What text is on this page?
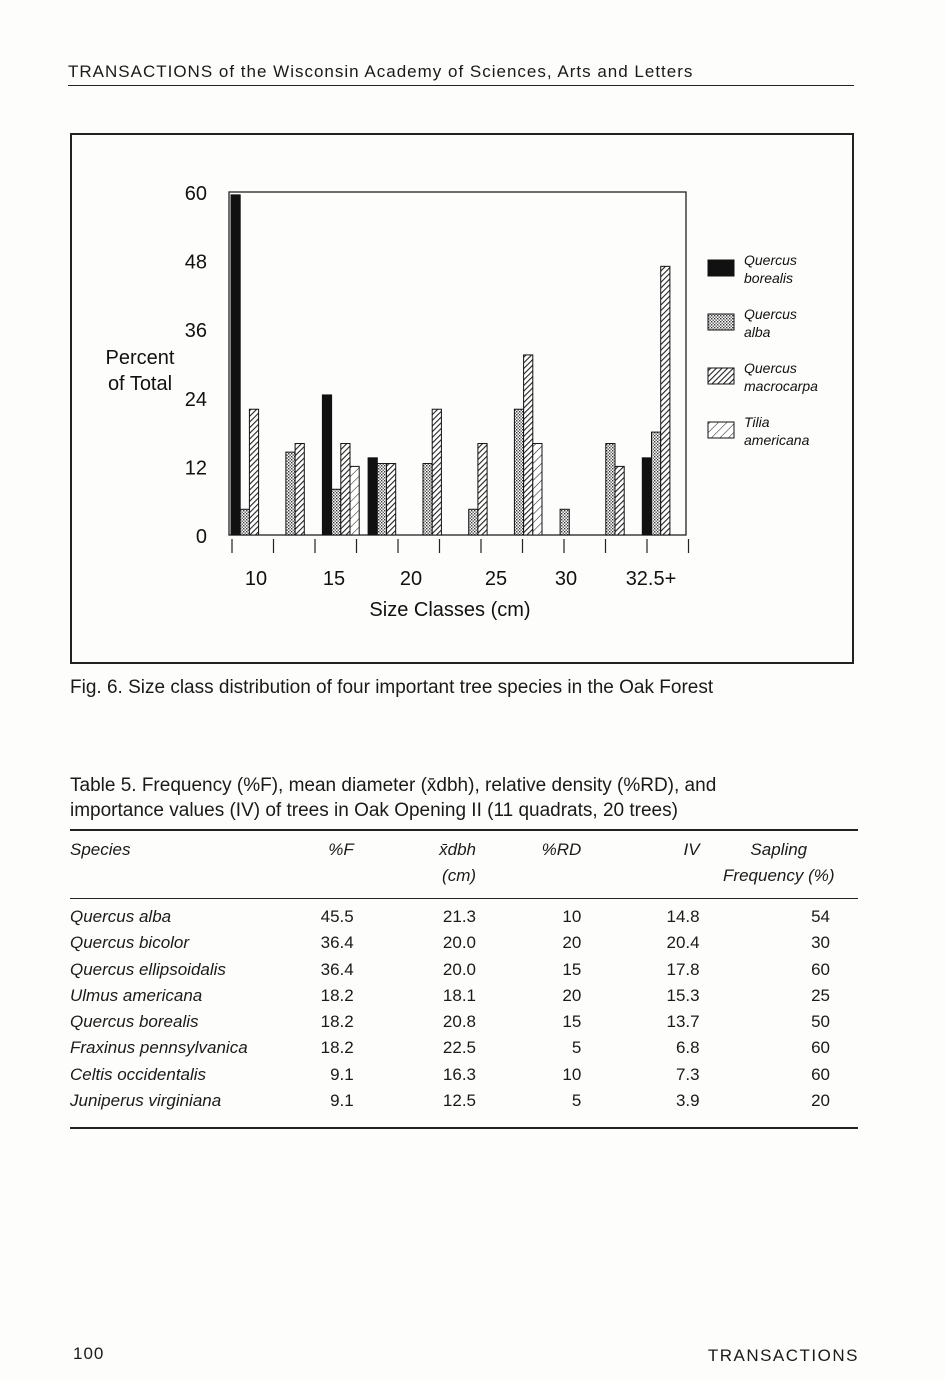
TRANSACTIONS of the Wisconsin Academy of Sciences, Arts and Letters
0
12
24
36
48
60
Percent
of Total
10	15	20	25 30 32.5+
Size Classes (cm)
Quercus
borealis
Quercus
alba
Quercus
macrocarpa
Tilia
americana
Fig. 6. Size class distribution of four important tree species in the Oak Forest
Table 5. Frequency (%F), mean diameter (x̄dbh), relative density (%RD), and
importance values (IV) of trees in Oak Opening II (11 quadrats, 20 trees)
Species	%F	x̄dbh	%RD	IV	Sapling
		(cm)			Frequency (%)
Quercus alba	45.5	21.3	10	14.8	54
Quercus bicolor	36.4	20.0	20	20.4	30
Quercus ellipsoidalis	36.4	20.0	15	17.8	60
Ulmus americana	18.2	18.1	20	15.3	25
Quercus borealis	18.2	20.8	15	13.7	50
Fraxinus pennsylvanica	18.2	22.5	5	6.8	60
Celtis occidentalis	9.1	16.3	10	7.3	60
Juniperus virginiana	9.1	12.5	5	3.9	20
100	TRANSACTIONS
